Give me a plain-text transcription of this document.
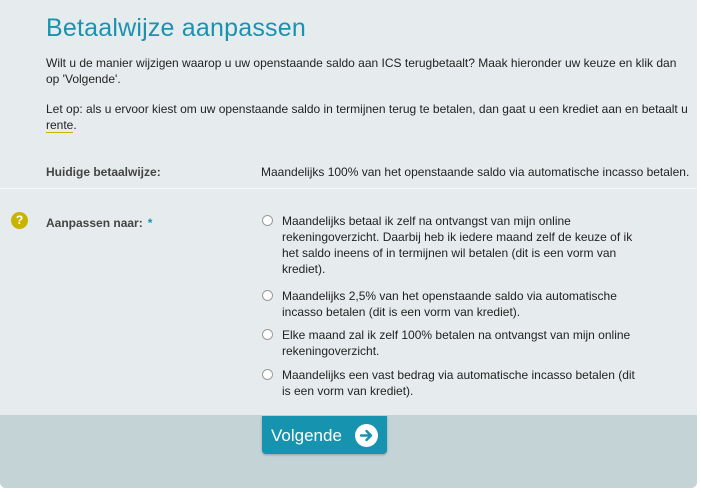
Betaalwijze aanpassen

Wilt u de manier wijzigen waarop u uw openstaande saldo aan ICS terugbetaalt? Maak hieronder uw keuze en klik dan op 'Volgende'.

Let op: als u ervoor kiest om uw openstaande saldo in termijnen terug te betalen, dan gaat u een krediet aan en betaalt u rente.

Huidige betaalwijze:	Maandelijks 100% van het openstaande saldo via automatische incasso betalen.
?	Aanpassen naar: *	Maandelijks betaal ik zelf na ontvangst van mijn online rekeningoverzicht. Daarbij heb ik iedere maand zelf de keuze of ik het saldo ineens of in termijnen wil betalen (dit is een vorm van krediet).
Maandelijks 2,5% van het openstaande saldo via automatische incasso betalen (dit is een vorm van krediet).
Elke maand zal ik zelf 100% betalen na ontvangst van mijn online rekeningoverzicht.
Maandelijks een vast bedrag via automatische incasso betalen (dit is een vorm van krediet).
Volgende
